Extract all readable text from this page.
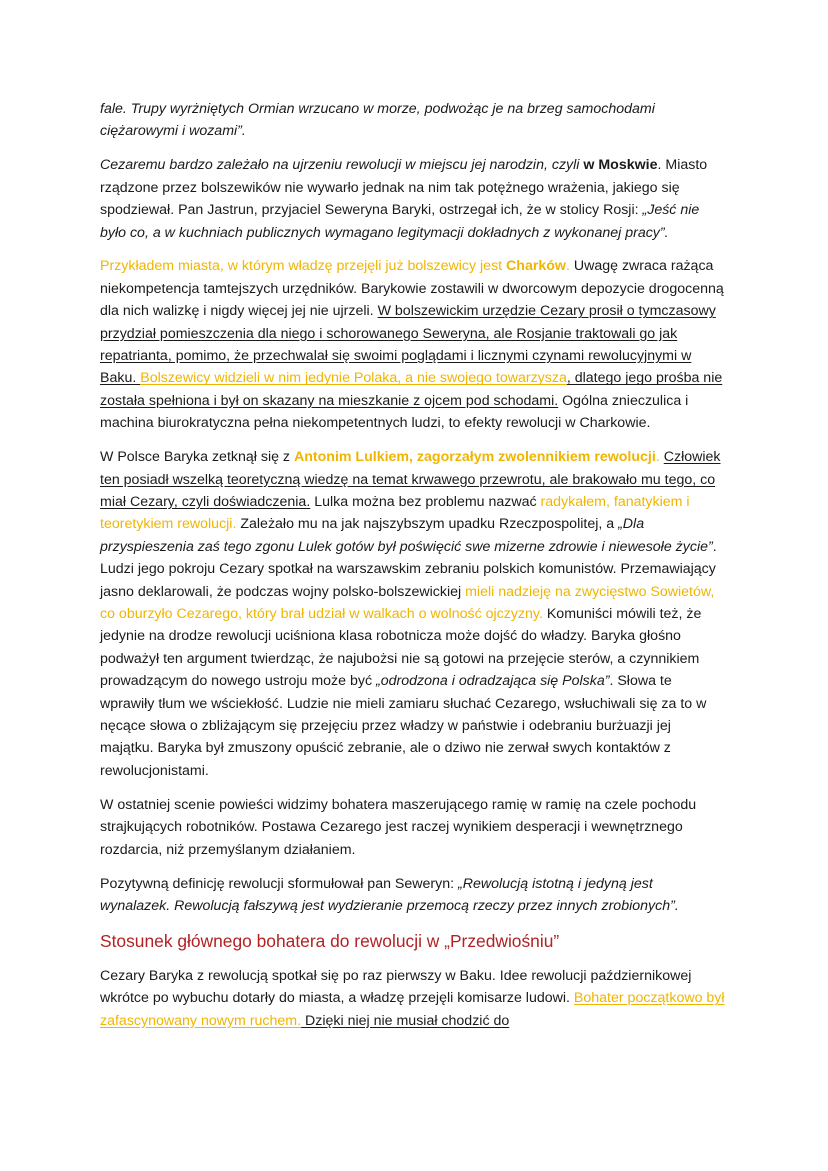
fale. Trupy wyrżniętych Ormian wrzucano w morze, podwożąc je na brzeg samochodami ciężarowymi i wozami”.

Cezaremu bardzo zależało na ujrzeniu rewolucji w miejscu jej narodzin, czyli w Moskwie. Miasto rządzone przez bolszewików nie wywarło jednak na nim tak potężnego wrażenia, jakiego się spodziewał. Pan Jastrun, przyjaciel Seweryna Baryki, ostrzegał ich, że w stolicy Rosji: „Jeść nie było co, a w kuchniach publicznych wymagano legitymacji dokładnych z wykonanej pracy”.

Przykładem miasta, w którym władzę przejęli już bolszewicy jest Charków. Uwagę zwraca rażąca niekompetencja tamtejszych urzędników. Barykowie zostawili w dworcowym depozycie drogocenną dla nich walizkę i nigdy więcej jej nie ujrzeli. W bolszewickim urzędzie Cezary prosił o tymczasowy przydział pomieszczenia dla niego i schorowanego Seweryna, ale Rosjanie traktowali go jak repatrianta, pomimo, że przechwalał się swoimi poglądami i licznymi czynami rewolucyjnymi w Baku. Bolszewicy widzieli w nim jedynie Polaka, a nie swojego towarzysza, dlatego jego prośba nie została spełniona i był on skazany na mieszkanie z ojcem pod schodami. Ogólna znieczulica i machina biurokratyczna pełna niekompetentnych ludzi, to efekty rewolucji w Charkowie.

W Polsce Baryka zetknął się z Antonim Lulkiem, zagorzałym zwolennikiem rewolucji. Człowiek ten posiadł wszelką teoretyczną wiedzę na temat krwawego przewrotu, ale brakowało mu tego, co miał Cezary, czyli doświadczenia. Lulka można bez problemu nazwać radykałem, fanatykiem i teoretykiem rewolucji. Zależało mu na jak najszybszym upadku Rzeczpospolitej, a „Dla przyspieszenia zaś tego zgonu Lulek gotów był poświęcić swe mizerne zdrowie i niewesołe życie”. Ludzi jego pokroju Cezary spotkał na warszawskim zebraniu polskich komunistów. Przemawiający jasno deklarowali, że podczas wojny polsko-bolszewickiej mieli nadzieję na zwycięstwo Sowietów, co oburzyło Cezarego, który brał udział w walkach o wolność ojczyzny. Komuniści mówili też, że jedynie na drodze rewolucji uciśniona klasa robotnicza może dojść do władzy. Baryka głośno podważył ten argument twierdząc, że najubożsi nie są gotowi na przejęcie sterów, a czynnikiem prowadzącym do nowego ustroju może być „odrodzona i odradzająca się Polska”. Słowa te wprawiły tłum we wściekłość. Ludzie nie mieli zamiaru słuchać Cezarego, wsłuchiwali się za to w nęcące słowa o zbliżającym się przejęciu przez władzy w państwie i odebraniu burżuazji jej majątku. Baryka był zmuszony opuścić zebranie, ale o dziwo nie zerwał swych kontaktów z rewolucjonistami.

W ostatniej scenie powieści widzimy bohatera maszerującego ramię w ramię na czele pochodu strajkujących robotników. Postawa Cezarego jest raczej wynikiem desperacji i wewnętrznego rozdarcia, niż przemyślanym działaniem.

Pozytywną definicję rewolucji sformułował pan Seweryn: „Rewolucją istotną i jedyną jest wynalazek. Rewolucją fałszywą jest wydzieranie przemocą rzeczy przez innych zrobionych”.

Stosunek głównego bohatera do rewolucji w „Przedwiośniu”

Cezary Baryka z rewolucją spotkał się po raz pierwszy w Baku. Idee rewolucji październikowej wkrótce po wybuchu dotarły do miasta, a władzę przejęli komisarze ludowi. Bohater początkowo był zafascynowany nowym ruchem. Dzięki niej nie musiał chodzić do
